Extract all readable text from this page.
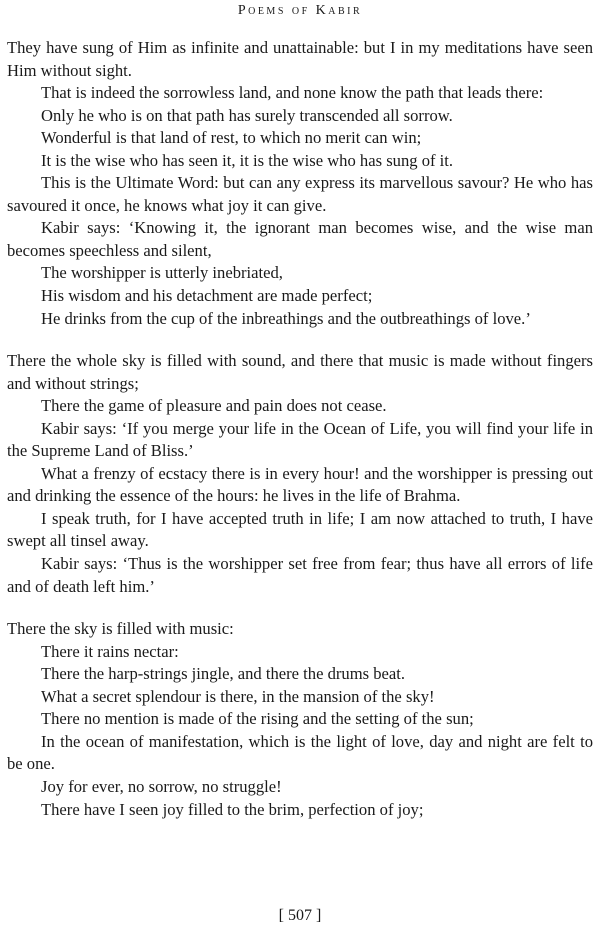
Poems of Kabir

They have sung of Him as infinite and unattainable: but I in my meditations have seen Him without sight.

That is indeed the sorrowless land, and none know the path that leads there:

Only he who is on that path has surely transcended all sorrow.

Wonderful is that land of rest, to which no merit can win;

It is the wise who has seen it, it is the wise who has sung of it.

This is the Ultimate Word: but can any express its marvellous savour? He who has savoured it once, he knows what joy it can give.

Kabir says: ‘Knowing it, the ignorant man becomes wise, and the wise man becomes speechless and silent,

The worshipper is utterly inebriated,

His wisdom and his detachment are made perfect;

He drinks from the cup of the inbreathings and the outbreathings of love.’

There the whole sky is filled with sound, and there that music is made without fingers and without strings;

There the game of pleasure and pain does not cease.

Kabir says: ‘If you merge your life in the Ocean of Life, you will find your life in the Supreme Land of Bliss.’

What a frenzy of ecstacy there is in every hour! and the worshipper is pressing out and drinking the essence of the hours: he lives in the life of Brahma.

I speak truth, for I have accepted truth in life; I am now attached to truth, I have swept all tinsel away.

Kabir says: ‘Thus is the worshipper set free from fear; thus have all errors of life and of death left him.’

There the sky is filled with music:

There it rains nectar:

There the harp-strings jingle, and there the drums beat.

What a secret splendour is there, in the mansion of the sky!

There no mention is made of the rising and the setting of the sun;

In the ocean of manifestation, which is the light of love, day and night are felt to be one.

Joy for ever, no sorrow, no struggle!

There have I seen joy filled to the brim, perfection of joy;

[ 507 ]
